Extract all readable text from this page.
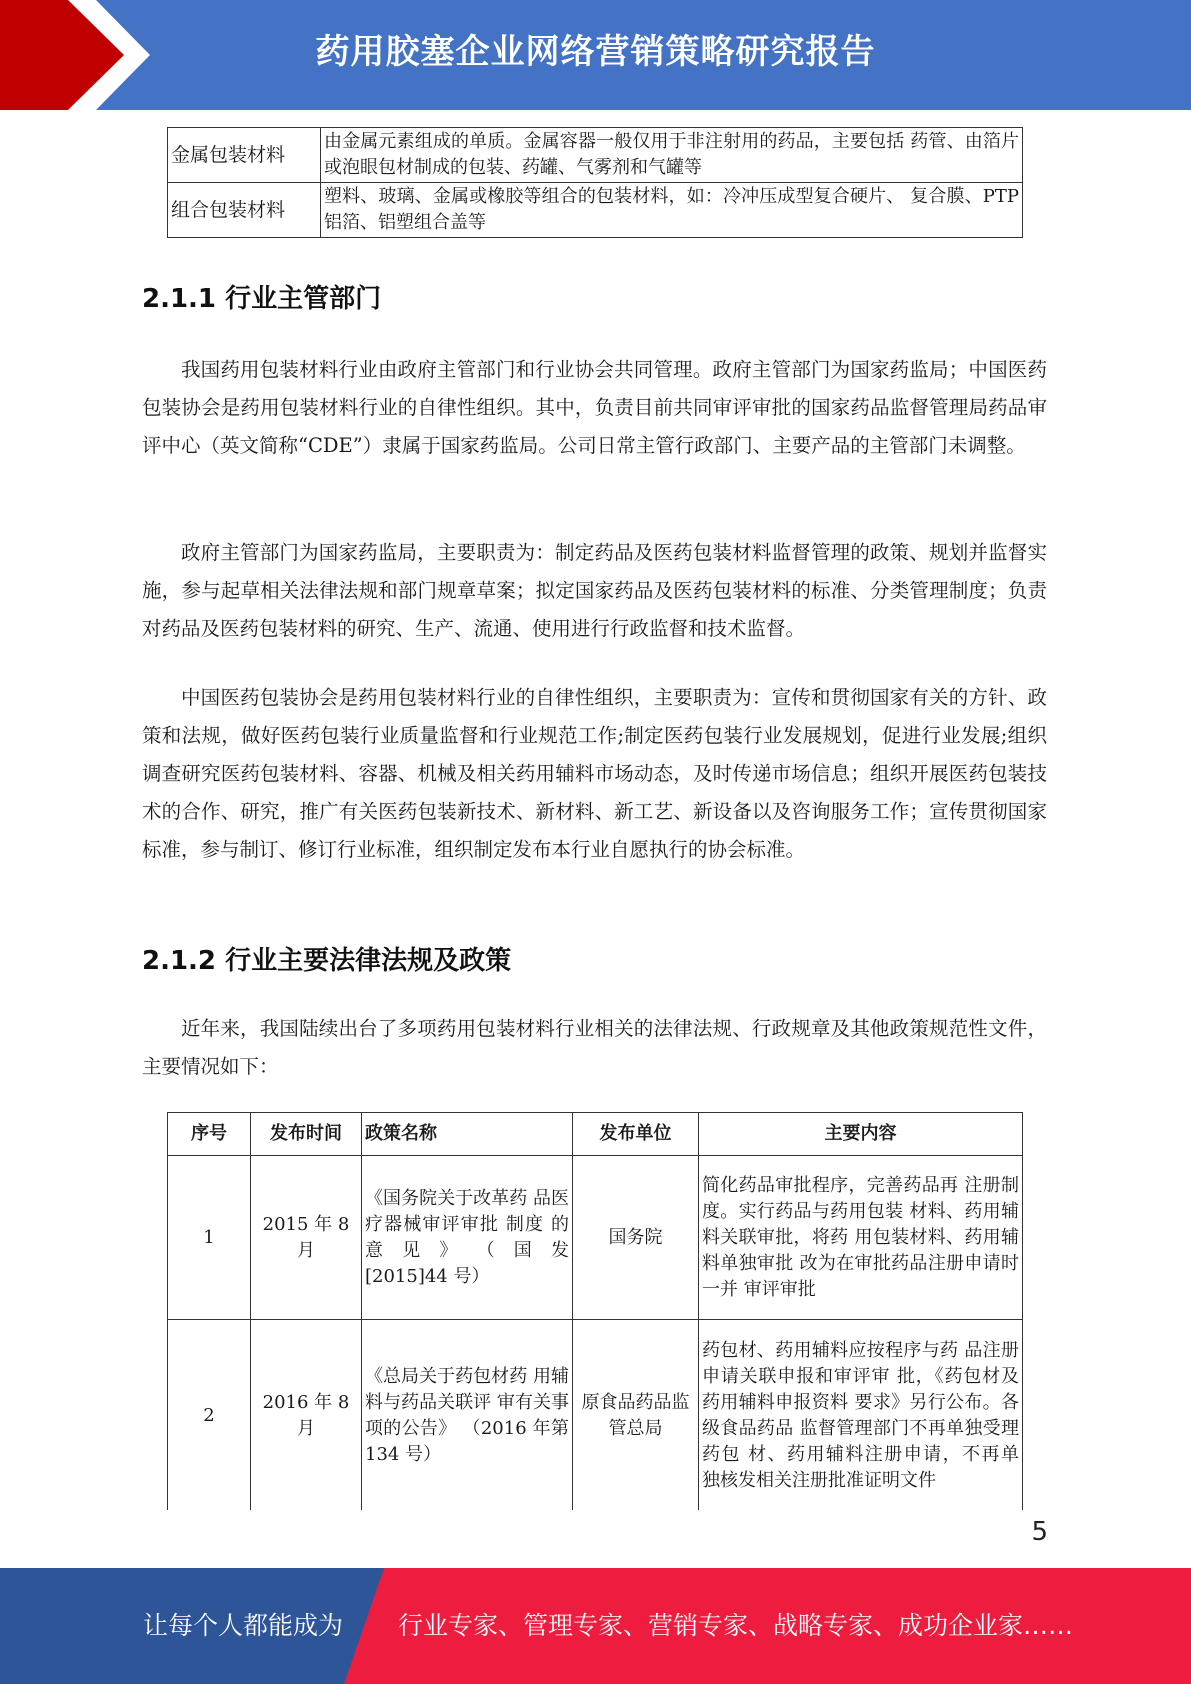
药用胶塞企业网络营销策略研究报告
金属包装材料	由金属元素组成的单质。金属容器一般仅用于非注射用的药品，主要包括 药管、由箔片或泡眼包材制成的包装、药罐、气雾剂和气罐等
组合包装材料	塑料、玻璃、金属或橡胶等组合的包装材料，如：冷冲压成型复合硬片、 复合膜、PTP 铝箔、铝塑组合盖等
2.1.1 行业主管部门

我国药用包装材料行业由政府主管部门和行业协会共同管理。政府主管部门为国家药监局；中国医药包装协会是药用包装材料行业的自律性组织。其中，负责目前共同审评审批的国家药品监督管理局药品审评中心（英文简称“CDE”）隶属于国家药监局。公司日常主管行政部门、主要产品的主管部门未调整。

政府主管部门为国家药监局，主要职责为：制定药品及医药包装材料监督管理的政策、规划并监督实施，参与起草相关法律法规和部门规章草案；拟定国家药品及医药包装材料的标准、分类管理制度；负责对药品及医药包装材料的研究、生产、流通、使用进行行政监督和技术监督。

中国医药包装协会是药用包装材料行业的自律性组织，主要职责为：宣传和贯彻国家有关的方针、政策和法规，做好医药包装行业质量监督和行业规范工作;制定医药包装行业发展规划，促进行业发展;组织调查研究医药包装材料、容器、机械及相关药用辅料市场动态，及时传递市场信息；组织开展医药包装技术的合作、研究，推广有关医药包装新技术、新材料、新工艺、新设备以及咨询服务工作；宣传贯彻国家标准，参与制订、修订行业标准，组织制定发布本行业自愿执行的协会标准。

2.1.2 行业主要法律法规及政策

近年来，我国陆续出台了多项药用包装材料行业相关的法律法规、行政规章及其他政策规范性文件，主要情况如下：

序号	发布时间	政策名称	发布单位	主要内容
1	2015 年 8 月	《国务院关于改革药 品医疗器械审评审批 制度 的 意 见 》 （ 国 发 [2015]44 号）	国务院	简化药品审批程序，完善药品再 注册制度。实行药品与药用包装 材料、药用辅料关联审批，将药 用包装材料、药用辅料单独审批 改为在审批药品注册申请时一并 审评审批
2	2016 年 8 月	《总局关于药包材药 用辅料与药品关联评 审有关事项的公告》 （2016 年第 134 号）	原食品药品监管总局	药包材、药用辅料应按程序与药 品注册申请关联申报和审评审 批，《药包材及药用辅料申报资料 要求》另行公布。各级食品药品 监督管理部门不再单独受理药包 材、药用辅料注册申请，不再单 独核发相关注册批准证明文件
5
让每个人都能成为 行业专家、管理专家、营销专家、战略专家、成功企业家……
